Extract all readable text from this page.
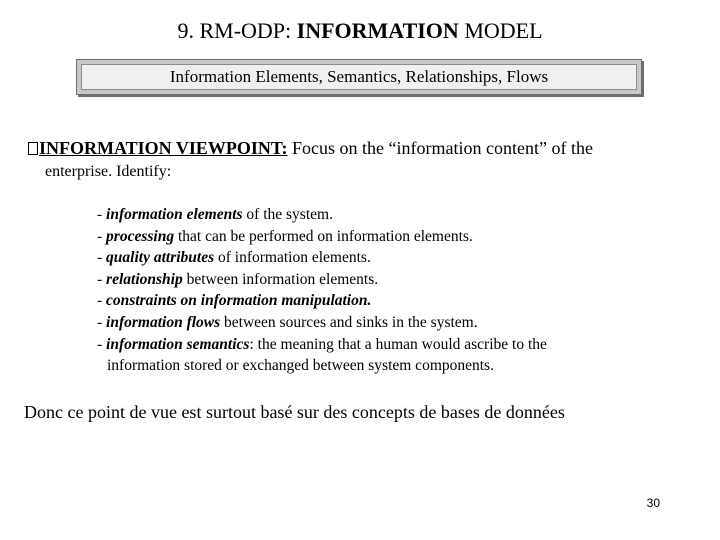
9. RM-ODP: INFORMATION MODEL
Information Elements, Semantics, Relationships, Flows
INFORMATION VIEWPOINT: Focus on the “information content” of the
enterprise. Identify:
- information elements of the system.
- processing that can be performed on information elements.
- quality attributes of information elements.
- relationship between information elements.
- constraints on information manipulation.
- information flows between sources and sinks in the system.
- information semantics: the meaning that a human would ascribe to the
information stored or exchanged between system components.
Donc ce point de vue est surtout basé sur des concepts de bases de données
30
